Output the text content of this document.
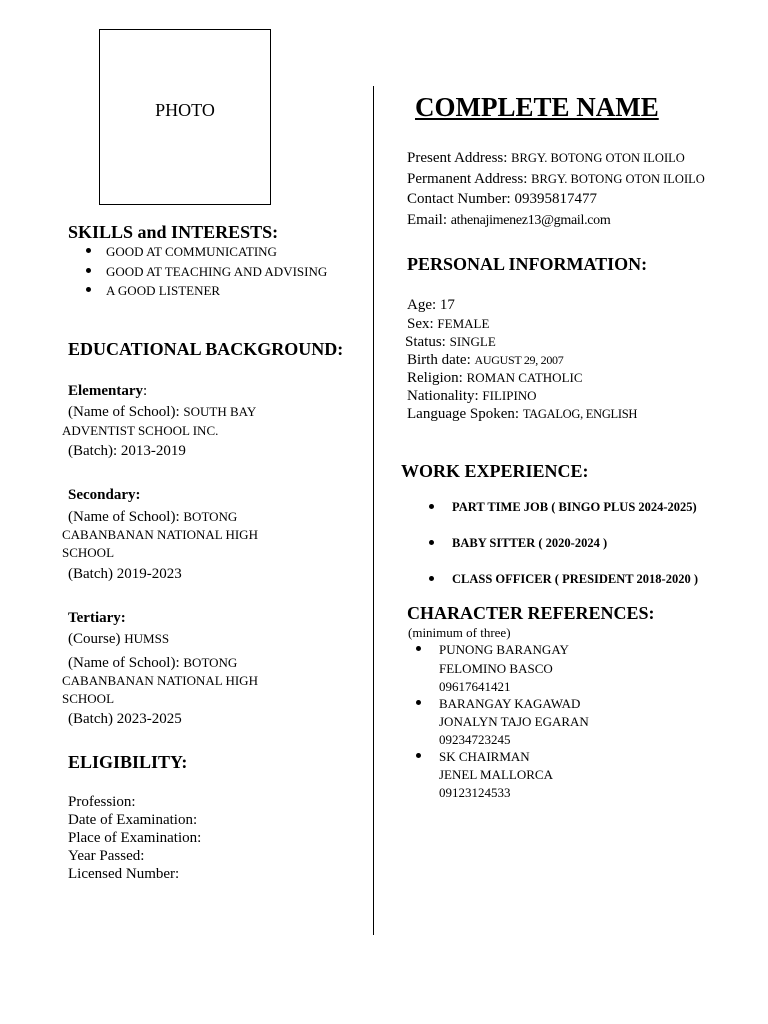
PHOTO
SKILLS and INTERESTS:
GOOD AT COMMUNICATING
GOOD AT TEACHING AND ADVISING
A GOOD LISTENER
EDUCATIONAL BACKGROUND:
Elementary:
(Name of School): SOUTH BAY
ADVENTIST SCHOOL INC.
(Batch): 2013-2019
Secondary:
(Name of School): BOTONG
CABANBANAN NATIONAL HIGH
SCHOOL
(Batch) 2019-2023
Tertiary:
(Course) HUMSS
(Name of School): BOTONG
CABANBANAN NATIONAL HIGH
SCHOOL
(Batch) 2023-2025
ELIGIBILITY:
Profession:
Date of Examination:
Place of Examination:
Year Passed:
Licensed Number:
COMPLETE NAME
Present Address: BRGY. BOTONG OTON ILOILO
Permanent Address: BRGY. BOTONG OTON ILOILO
Contact Number: 09395817477
Email: athenajimenez13@gmail.com
PERSONAL INFORMATION:
Age: 17
Sex: FEMALE
Status: SINGLE
Birth date: AUGUST 29, 2007
Religion: ROMAN CATHOLIC
Nationality: FILIPINO
Language Spoken: TAGALOG, ENGLISH
WORK EXPERIENCE:
PART TIME JOB ( BINGO PLUS 2024-2025)
BABY SITTER ( 2020-2024 )
CLASS OFFICER ( PRESIDENT 2018-2020 )
CHARACTER REFERENCES:
(minimum of three)
PUNONG BARANGAY
FELOMINO BASCO
09617641421
BARANGAY KAGAWAD
JONALYN TAJO EGARAN
09234723245
SK CHAIRMAN
JENEL MALLORCA
09123124533
